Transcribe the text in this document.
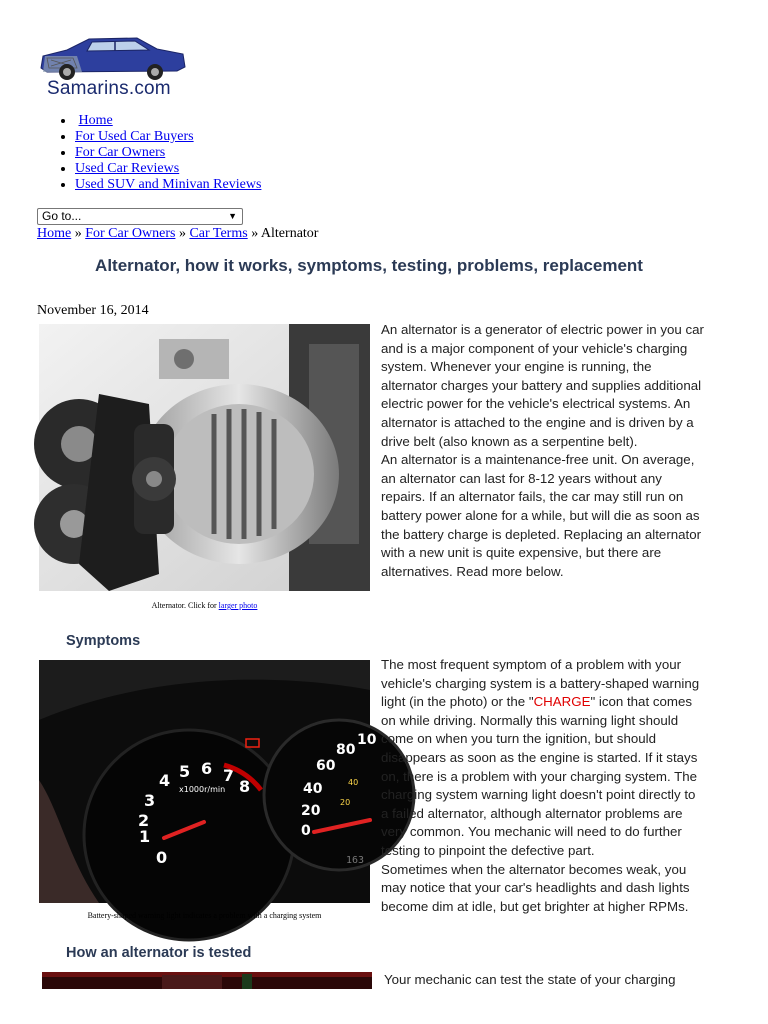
Samarins.com
• Home
• For Used Car Buyers
• For Car Owners
• Used Car Reviews
• Used SUV and Minivan Reviews
Go to...	▼
Home » For Car Owners » Car Terms » Alternator
Alternator, how it works, symptoms, testing, problems, replacement
November 16, 2014
Alternator. Click for larger photo

An alternator is a generator of electric power in you car and is a major component of your vehicle's charging system. Whenever your engine is running, the alternator charges your battery and supplies additional electric power for the vehicle's electrical systems. An alternator is attached to the engine and is driven by a drive belt (also known as a serpentine belt).

An alternator is a maintenance-free unit. On average, an alternator can last for 8-12 years without any repairs. If an alternator fails, the car may still run on battery power alone for a while, but will die as soon as the battery charge is depleted. Replacing an alternator with a new unit is quite expensive, but there are alternatives. Read more below.

Symptoms
0
1
2
3
4 5 6 7
8
x1000r/min
0
20
40
60
80
10
20
40
163
Battery-shaped warning light indicates a problem with a charging system

The most frequent symptom of a problem with your vehicle's charging system is a battery-shaped warning light (in the photo) or the "CHARGE" icon that comes on while driving. Normally this warning light should come on when you turn the ignition, but should disappears as soon as the engine is started. If it stays on, there is a problem with your charging system. The charging system warning light doesn't point directly to a failed alternator, although alternator problems are very common. You mechanic will need to do further testing to pinpoint the defective part.

Sometimes when the alternator becomes weak, you may notice that your car's headlights and dash lights become dim at idle, but get brighter at higher RPMs.

How an alternator is tested

Your mechanic can test the state of your charging
